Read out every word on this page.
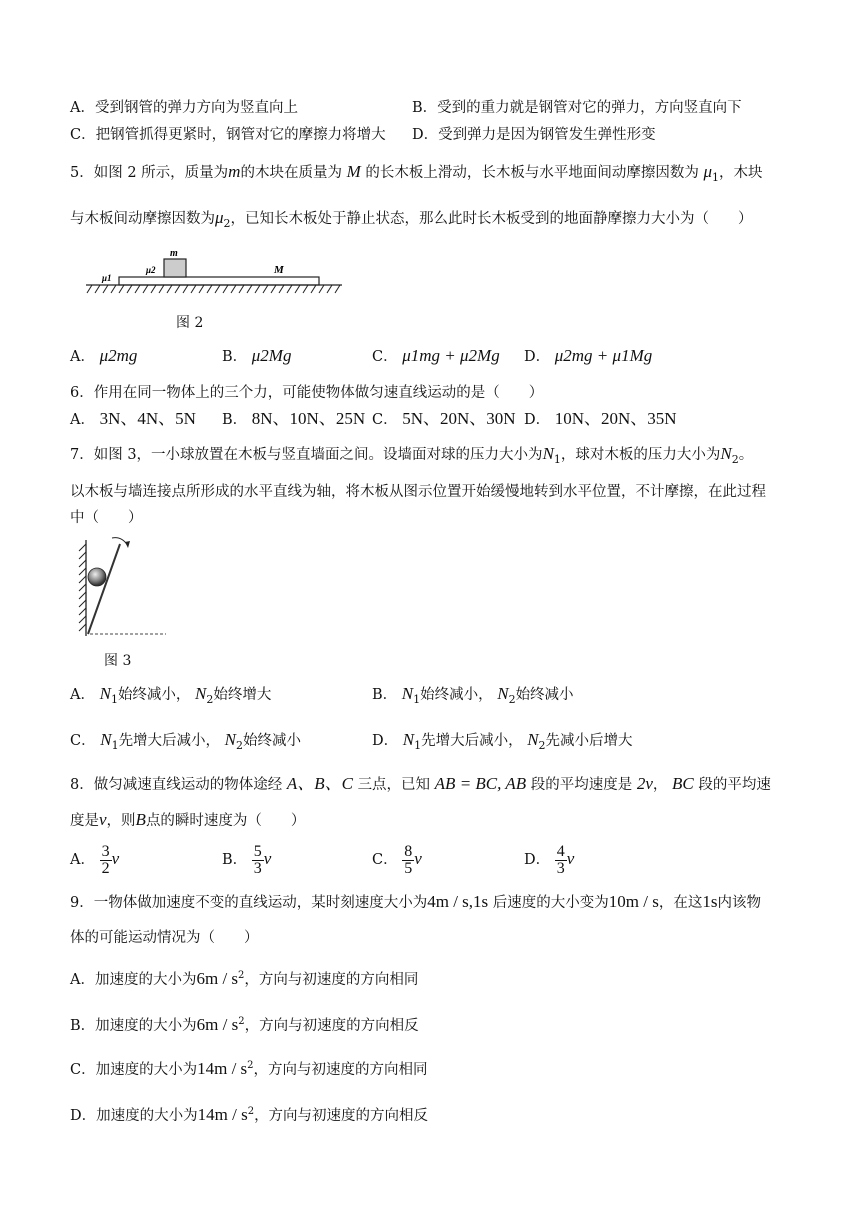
A．受到钢管的弹力方向为竖直向上	B．受到的重力就是钢管对它的弹力，方向竖直向下
C．把钢管抓得更紧时，钢管对它的摩擦力将增大 D．受到弹力是因为钢管发生弹性形变
5．如图 2 所示，质量为m的木块在质量为 M 的长木板上滑动，长木板与水平地面间动摩擦因数为 $\mu_1$，木块
与木板间动摩擦因数为$\mu_2$，已知长木板处于静止状态，那么此时长木板受到的地面静摩擦力大小为（　　）
m
μ2
μ1
M
图 2
A． μ2mg	B． μ2Mg	C． μ1mg + μ2Mg D． μ2mg + μ1Mg
6．作用在同一物体上的三个力，可能使物体做匀速直线运动的是（　　）
A． 3N、4N、5N B． 8N、10N、25N C． 5N、20N、30N D． 10N、20N、35N
7．如图 3，一小球放置在木板与竖直墙面之间。设墙面对球的压力大小为$N_1$，球对木板的压力大小为$N_2$。
以木板与墙连接点所形成的水平直线为轴，将木板从图示位置开始缓慢地转到水平位置，不计摩擦，在此过程
中（　　）
图 3
A． $N_1$始终减小， $N_2$始终增大	B． $N_1$始终减小， $N_2$始终减小
C． $N_1$先增大后减小， $N_2$始终减小	D． $N_1$先增大后减小， $N_2$先减小后增大
8．做匀减速直线运动的物体途经 A、B、C 三点，已知 AB = BC, AB 段的平均速度是 2v， BC 段的平均速
度是v，则B点的瞬时速度为（　　）
A． $\frac{3}{2}$ v	B． $\frac{5}{3}$ v	C． $\frac{8}{5}$ v	D． $\frac{4}{3}$ v
9．一物体做加速度不变的直线运动，某时刻速度大小为4m / s,1s 后速度的大小变为10m / s，在这1s内该物
体的可能运动情况为（　　）
A．加速度的大小为$6m / s^2$，方向与初速度的方向相同
B．加速度的大小为$6m / s^2$，方向与初速度的方向相反
C．加速度的大小为$14m / s^2$，方向与初速度的方向相同
D．加速度的大小为$14m / s^2$，方向与初速度的方向相反
